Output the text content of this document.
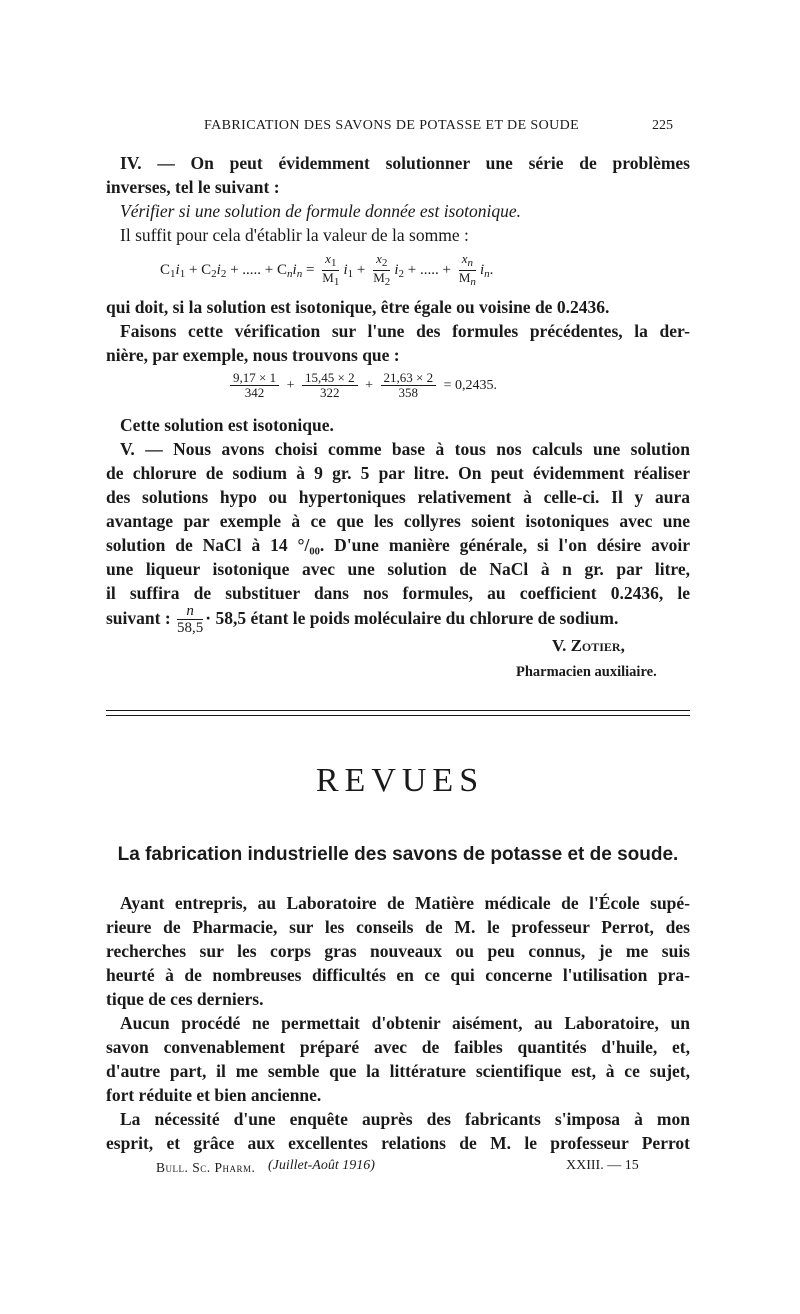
FABRICATION DES SAVONS DE POTASSE ET DE SOUDE	225
IV. — On peut évidemment solutionner une série de problèmes
inverses, tel le suivant :
Vérifier si une solution de formule donnée est isotonique.
Il suffit pour cela d'établir la valeur de la somme :
$C_1i_1 + C_2i_2$ + ..... + $C_ni_n = \frac{x_1}{M_1} i_1 + \frac{x_2}{M_2} i_2$ + ..... + $\frac{x_n}{M_n} i_n$.
qui doit, si la solution est isotonique, être égale ou voisine de 0.2436.
Faisons cette vérification sur l'une des formules précédentes, la der-
nière, par exemple, nous trouvons que :
$\frac{9,17 \times 1}{342} + \frac{15,45 \times 2}{322} + \frac{21,63 \times 2}{358} = 0,2435$.
Cette solution est isotonique.
V. — Nous avons choisi comme base à tous nos calculs une solution
de chlorure de sodium à 9 gr. 5 par litre. On peut évidemment réaliser
des solutions hypo ou hypertoniques relativement à celle-ci. Il y aura
avantage par exemple à ce que les collyres soient isotoniques avec une
solution de NaCl à 14 °/₀₀. D'une manière générale, si l'on désire avoir
une liqueur isotonique avec une solution de NaCl à n gr. par litre,
il suffira de substituer dans nos formules, au coefficient 0.2436, le
suivant : $\frac{n}{58,5} \cdot 58,5$ étant le poids moléculaire du chlorure de sodium.
V. Zotier,
Pharmacien auxiliaire.
REVUES
La fabrication industrielle des savons de potasse et de soude.
Ayant entrepris, au Laboratoire de Matière médicale de l'École supé-
rieure de Pharmacie, sur les conseils de M. le professeur Perrot, des
recherches sur les corps gras nouveaux ou peu connus, je me suis
heurté à de nombreuses difficultés en ce qui concerne l'utilisation pra-
tique de ces derniers.
Aucun procédé ne permettait d'obtenir aisément, au Laboratoire, un
savon convenablement préparé avec de faibles quantités d'huile, et,
d'autre part, il me semble que la littérature scientifique est, à ce sujet,
fort réduite et bien ancienne.
La nécessité d'une enquête auprès des fabricants s'imposa à mon
esprit, et grâce aux excellentes relations de M. le professeur Perrot
Bull. Sc. Pharm. (Juillet-Août 1916)	XXIII. — 15
